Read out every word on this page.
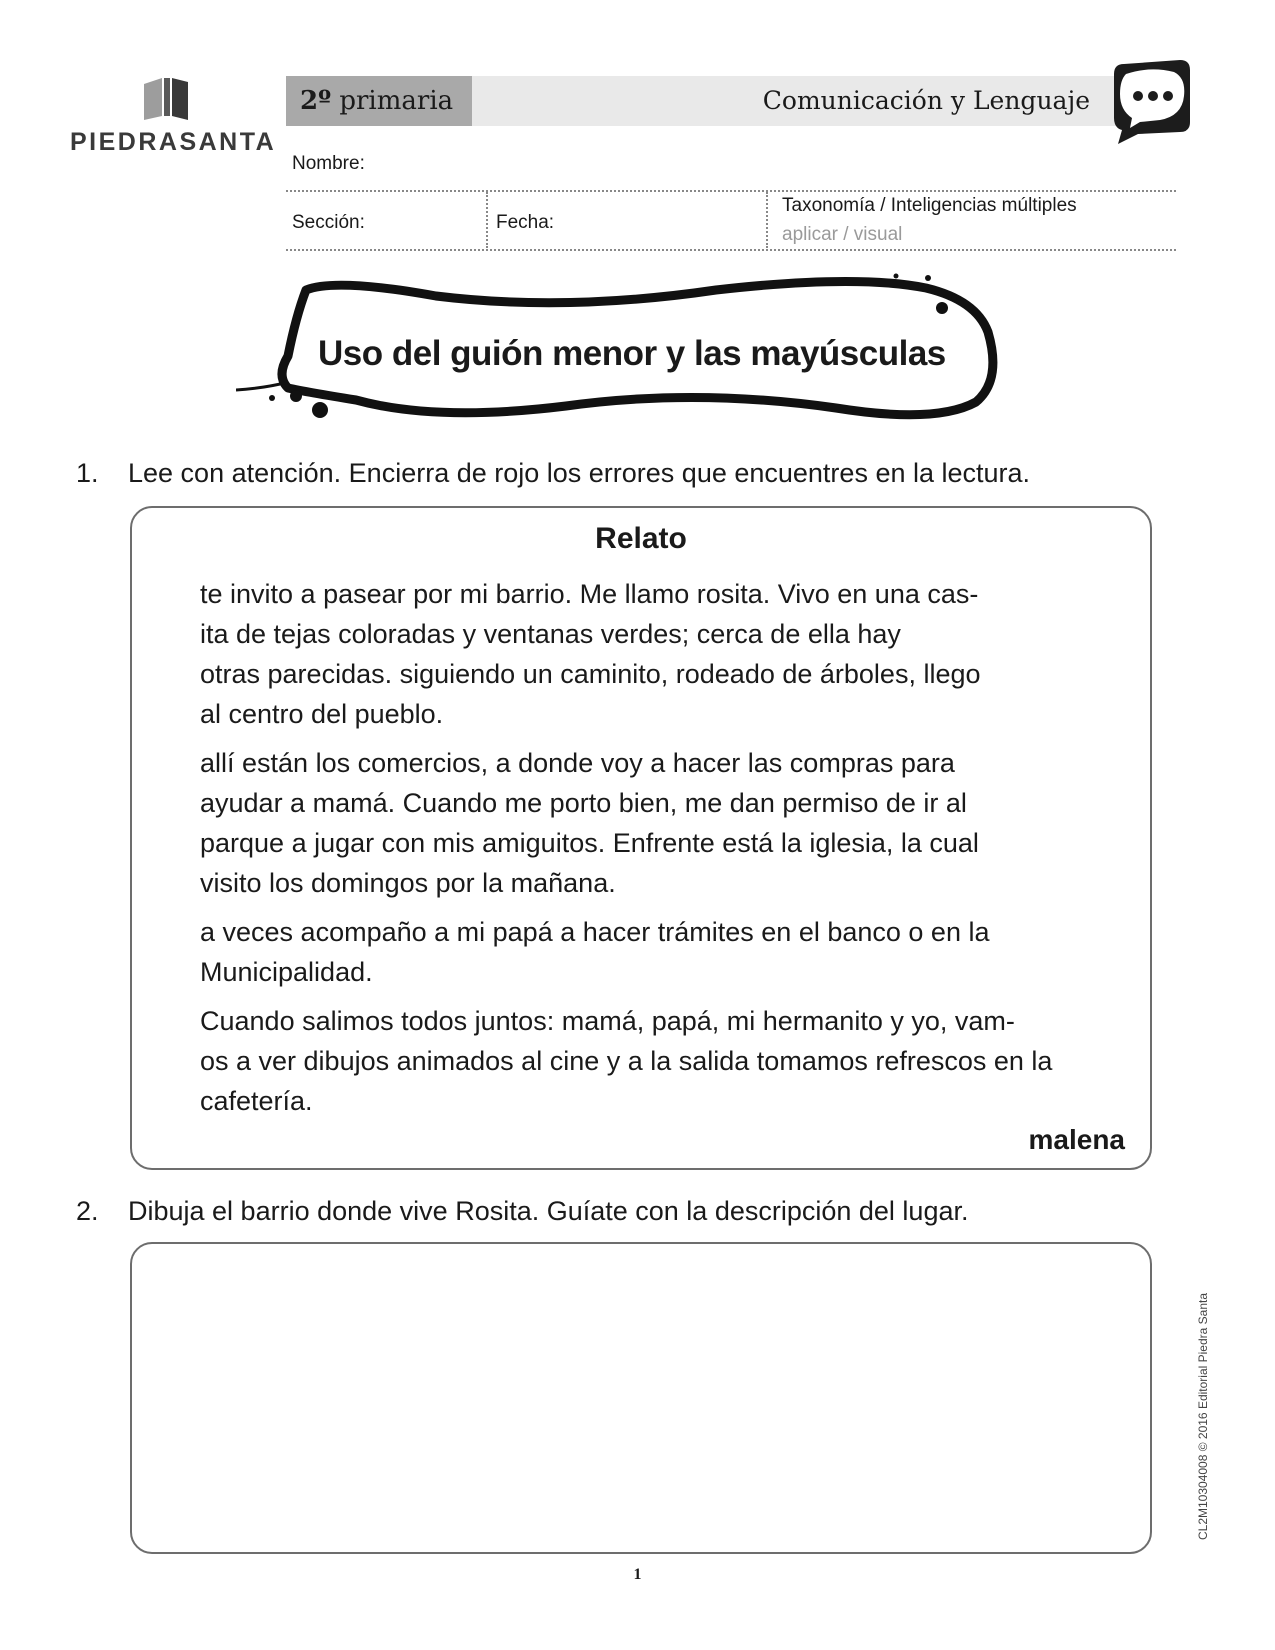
PIEDRASANTA
2º primaria	Comunicación y Lenguaje
Nombre:
Sección:	Fecha:
Taxonomía / Inteligencias múltiples
aplicar / visual
Uso del guión menor y las mayúsculas
1. Lee con atención. Encierra de rojo los errores que encuentres en la lectura.
Relato
te invito a pasear por mi barrio. Me llamo rosita. Vivo en una cas-
ita de tejas coloradas y ventanas verdes; cerca de ella hay
otras parecidas. siguiendo un caminito, rodeado de árboles, llego
al centro del pueblo.
allí están los comercios, a donde voy a hacer las compras para
ayudar a mamá. Cuando me porto bien, me dan permiso de ir al
parque a jugar con mis amiguitos. Enfrente está la iglesia, la cual
visito los domingos por la mañana.
a veces acompaño a mi papá a hacer trámites en el banco o en la
Municipalidad.
Cuando salimos todos juntos: mamá, papá, mi hermanito y yo, vam-
os a ver dibujos animados al cine y a la salida tomamos refrescos en la
cafetería.
malena
2. Dibuja el barrio donde vive Rosita. Guíate con la descripción del lugar.
CL2M10304008 © 2016 Editorial Piedra Santa
1
